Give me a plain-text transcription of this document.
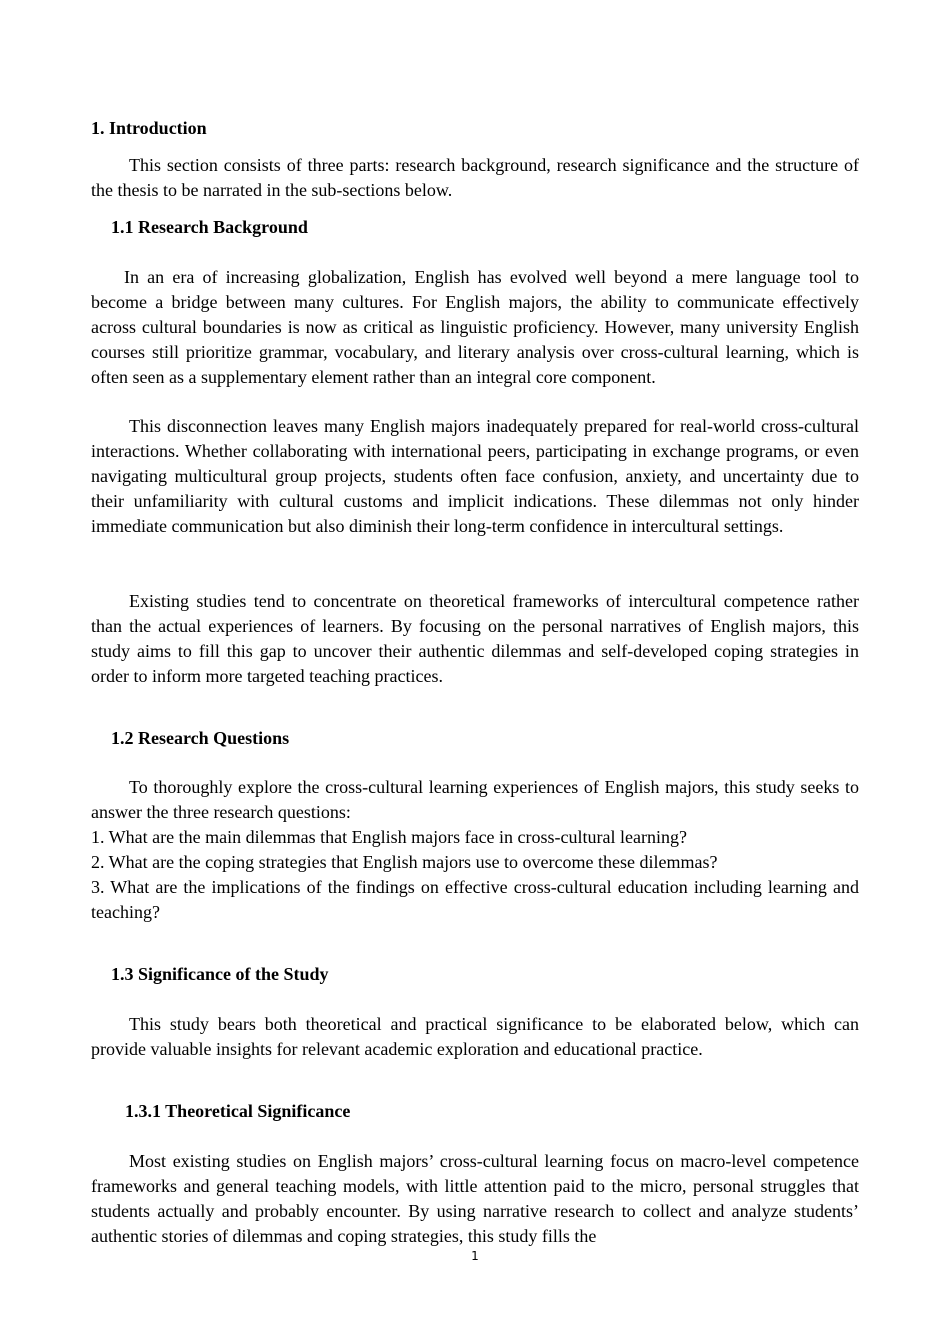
1. Introduction

This section consists of three parts: research background, research significance and the structure of the thesis to be narrated in the sub-sections below.

1.1 Research Background

In an era of increasing globalization, English has evolved well beyond a mere language tool to become a bridge between many cultures. For English majors, the ability to communicate effectively across cultural boundaries is now as critical as linguistic proficiency. However, many university English courses still prioritize grammar, vocabulary, and literary analysis over cross-cultural learning, which is often seen as a supplementary element rather than an integral core component.

This disconnection leaves many English majors inadequately prepared for real-world cross-cultural interactions. Whether collaborating with international peers, participating in exchange programs, or even navigating multicultural group projects, students often face confusion, anxiety, and uncertainty due to their unfamiliarity with cultural customs and implicit indications. These dilemmas not only hinder immediate communication but also diminish their long-term confidence in intercultural settings.

Existing studies tend to concentrate on theoretical frameworks of intercultural competence rather than the actual experiences of learners. By focusing on the personal narratives of English majors, this study aims to fill this gap to uncover their authentic dilemmas and self-developed coping strategies in order to inform more targeted teaching practices.

1.2 Research Questions

To thoroughly explore the cross-cultural learning experiences of English majors, this study seeks to answer the three research questions:

1. What are the main dilemmas that English majors face in cross-cultural learning?
2. What are the coping strategies that English majors use to overcome these dilemmas?
3. What are the implications of the findings on effective cross-cultural education including learning and teaching?
1.3 Significance of the Study

This study bears both theoretical and practical significance to be elaborated below, which can provide valuable insights for relevant academic exploration and educational practice.

1.3.1 Theoretical Significance

Most existing studies on English majors’ cross-cultural learning focus on macro-level competence frameworks and general teaching models, with little attention paid to the micro, personal struggles that students actually and probably encounter. By using narrative research to collect and analyze students’ authentic stories of dilemmas and coping strategies, this study fills the

1
